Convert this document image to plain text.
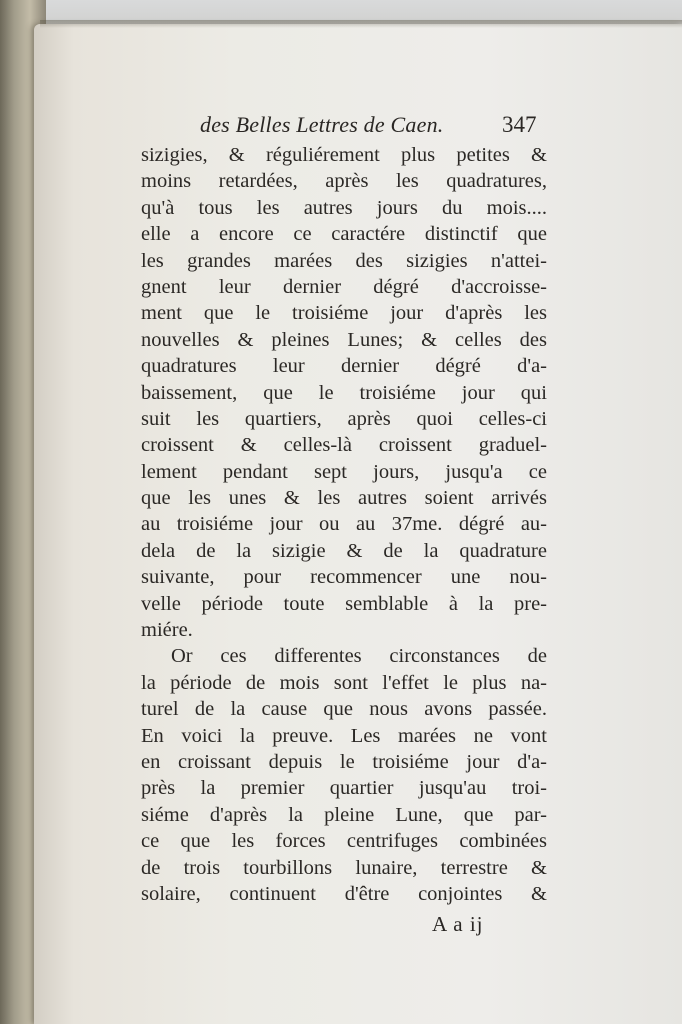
des Belles Lettres de Caen.	347
sizigies, & réguliérement plus petites &
moins retardées, après les quadratures,
qu'à tous les autres jours du mois....
elle a encore ce caractére distinctif que
les grandes marées des sizigies n'attei-
gnent leur dernier dégré d'accroisse-
ment que le troisiéme jour d'après les
nouvelles & pleines Lunes; & celles des
quadratures leur dernier dégré d'a-
baissement, que le troisiéme jour qui
suit les quartiers, après quoi celles-ci
croissent & celles-là croissent graduel-
lement pendant sept jours, jusqu'a ce
que les unes & les autres soient arrivés
au troisiéme jour ou au 37me. dégré au-
dela de la sizigie & de la quadrature
suivante, pour recommencer une nou-
velle période toute semblable à la pre-
miére.
Or ces differentes circonstances de
la période de mois sont l'effet le plus na-
turel de la cause que nous avons passée.
En voici la preuve. Les marées ne vont
en croissant depuis le troisiéme jour d'a-
près la premier quartier jusqu'au troi-
siéme d'après la pleine Lune, que par-
ce que les forces centrifuges combinées
de trois tourbillons lunaire, terrestre &
solaire, continuent d'être conjointes &
A a ij
